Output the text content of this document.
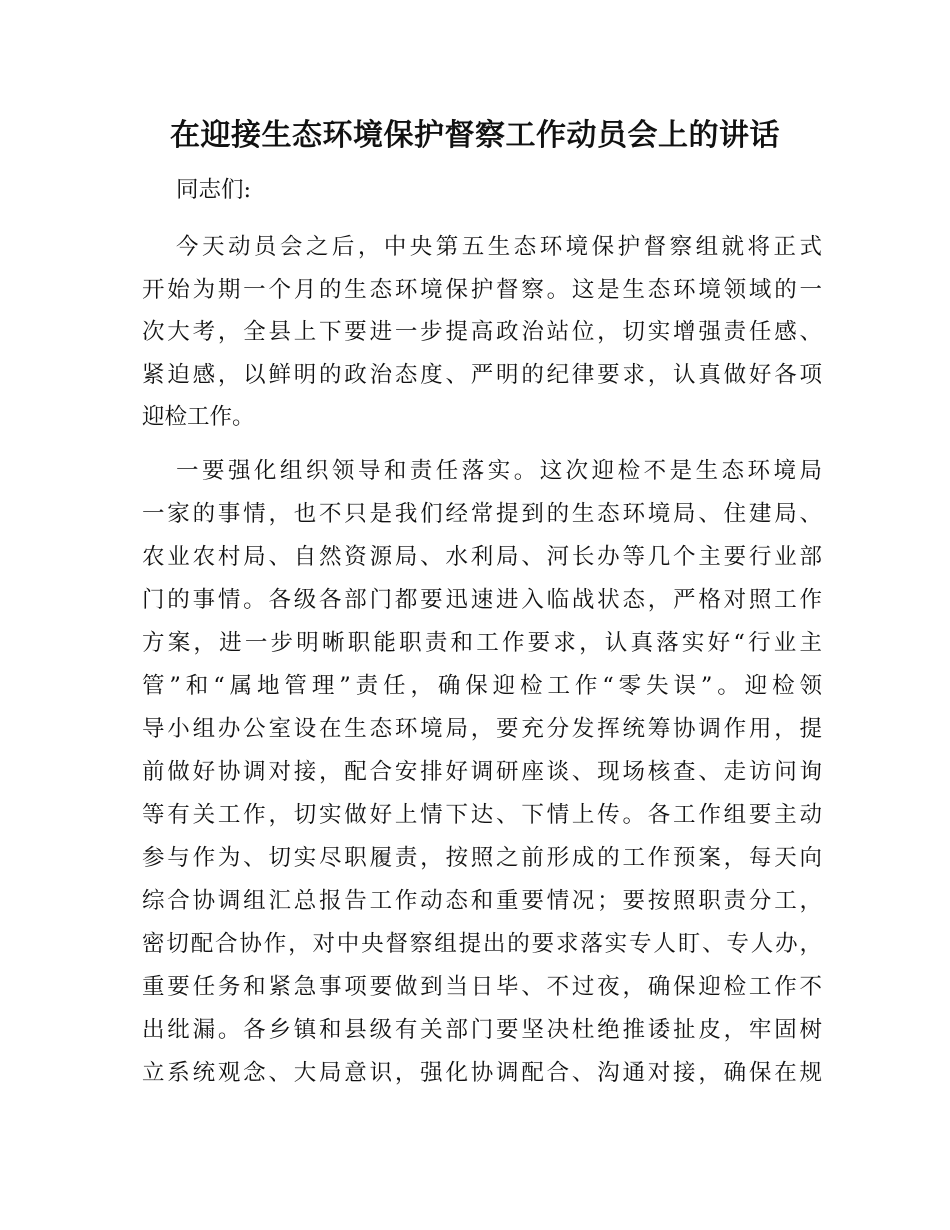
在迎接生态环境保护督察工作动员会上的讲话

同志们:

今天动员会之后，中央第五生态环境保护督察组就将正式

开始为期一个月的生态环境保护督察。这是生态环境领域的一

次大考，全县上下要进一步提高政治站位，切实增强责任感、

紧迫感，以鲜明的政治态度、严明的纪律要求，认真做好各项

迎检工作。

一要强化组织领导和责任落实。这次迎检不是生态环境局

一家的事情，也不只是我们经常提到的生态环境局、住建局、

农业农村局、自然资源局、水利局、河长办等几个主要行业部

门的事情。各级各部门都要迅速进入临战状态，严格对照工作

方案，进一步明晰职能职责和工作要求，认真落实好“行业主

管”和“属地管理”责任，确保迎检工作“零失误”。迎检领

导小组办公室设在生态环境局，要充分发挥统筹协调作用，提

前做好协调对接，配合安排好调研座谈、现场核查、走访问询

等有关工作，切实做好上情下达、下情上传。各工作组要主动

参与作为、切实尽职履责，按照之前形成的工作预案，每天向

综合协调组汇总报告工作动态和重要情况；要按照职责分工，

密切配合协作，对中央督察组提出的要求落实专人盯、专人办，

重要任务和紧急事项要做到当日毕、不过夜，确保迎检工作不

出纰漏。各乡镇和县级有关部门要坚决杜绝推诿扯皮，牢固树

立系统观念、大局意识，强化协调配合、沟通对接，确保在规
